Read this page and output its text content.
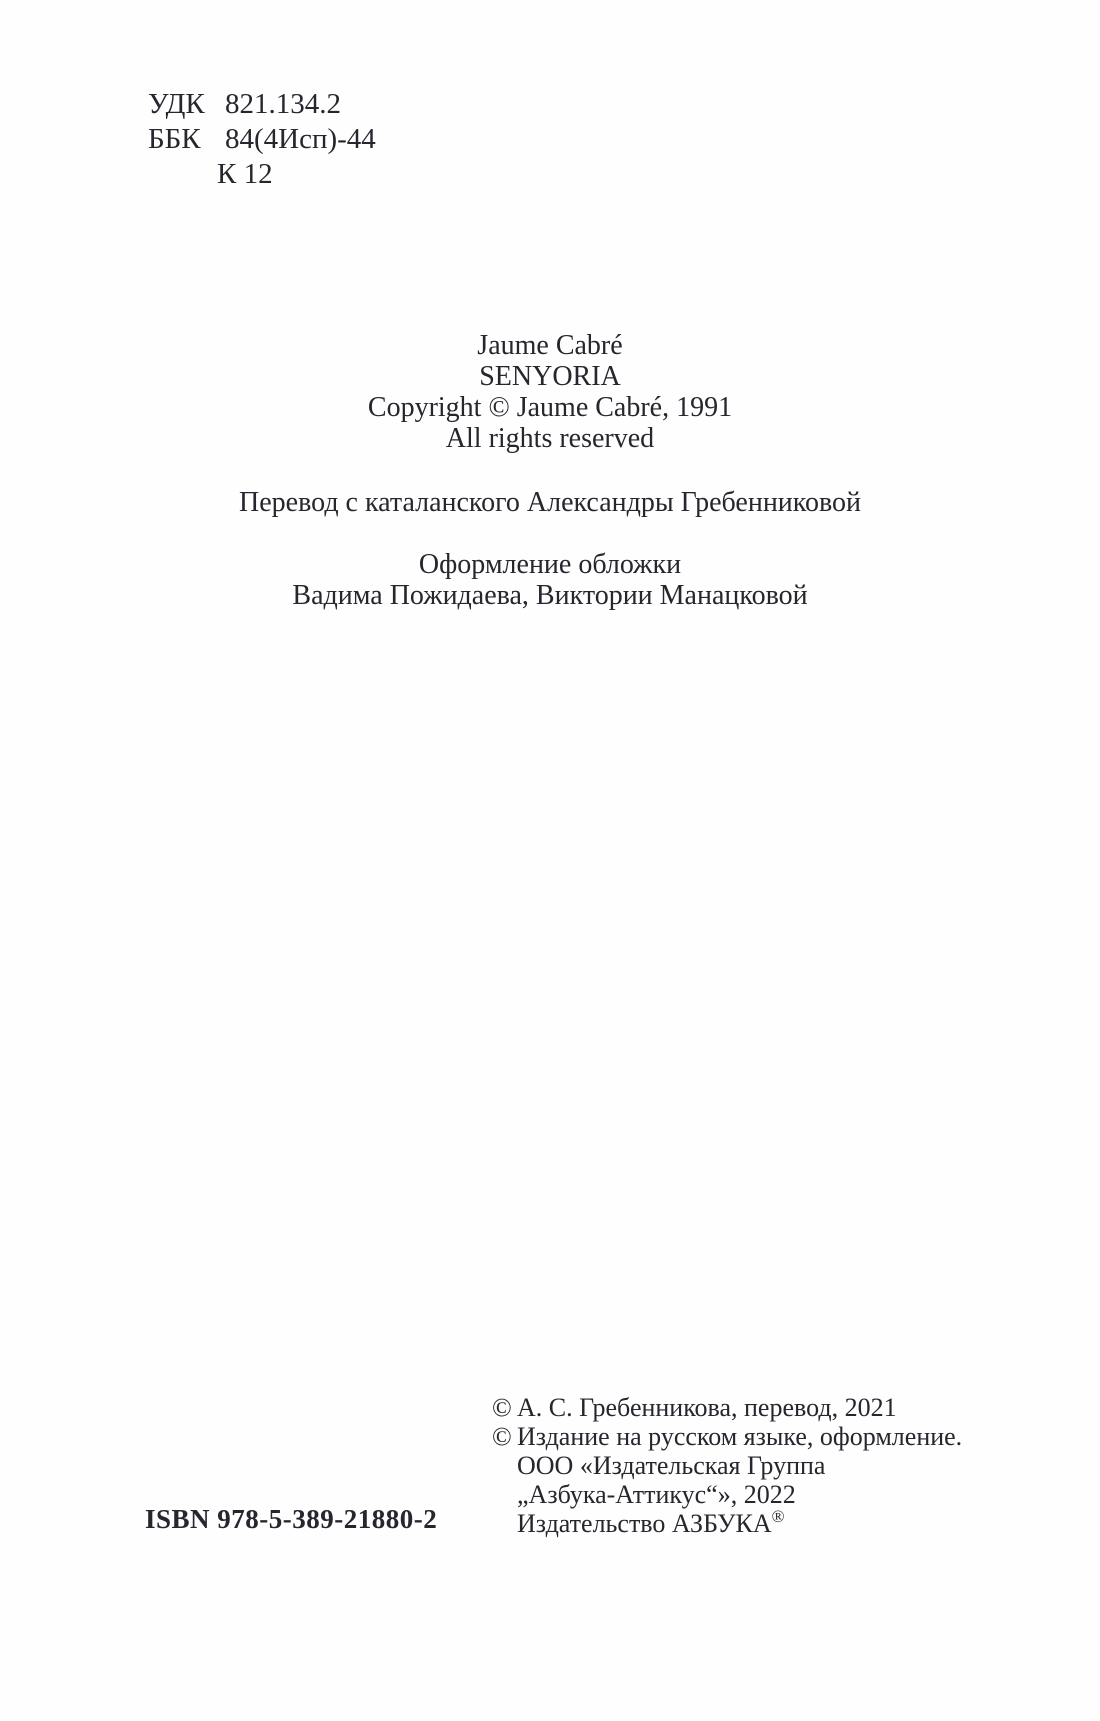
УДК 821.134.2
ББК 84(4Исп)-44
К 12
Jaume Cabré
SENYORIA
Copyright © Jaume Cabré, 1991
All rights reserved
Перевод с каталанского Александры Гребенниковой
Оформление обложки
Вадима Пожидаева, Виктории Манацковой
© А. С. Гребенникова, перевод, 2021
© Издание на русском языке, оформление.
ООО «Издательская Группа
„Азбука-Аттикус“», 2022
Издательство АЗБУКА®
ISBN 978-5-389-21880-2
